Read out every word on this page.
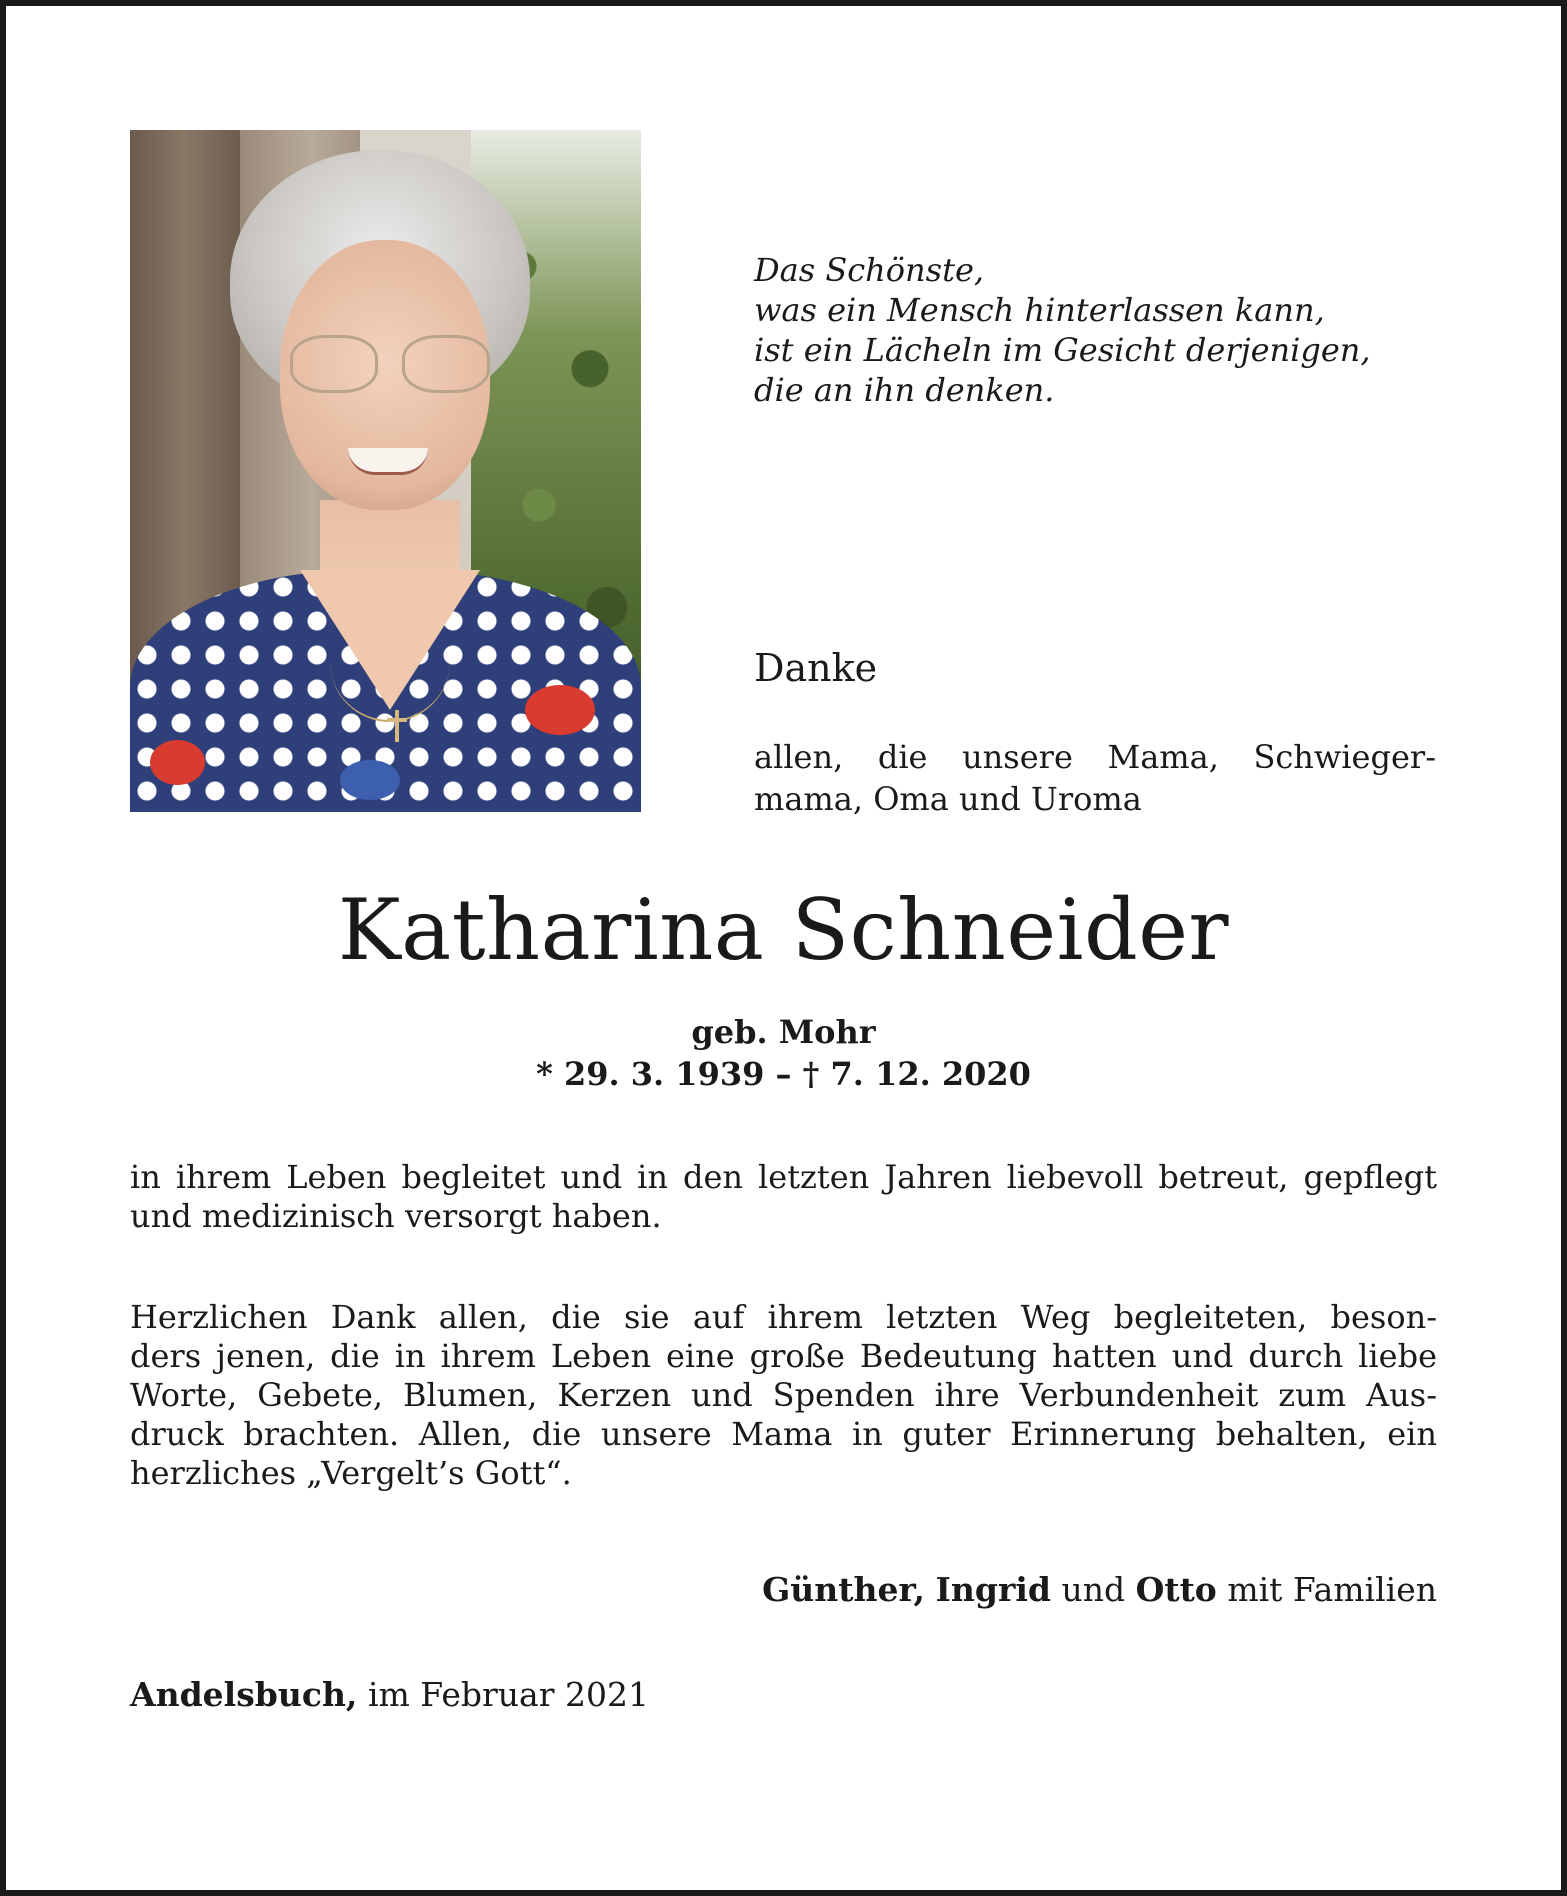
Das Schönste,
was ein Mensch hinterlassen kann,
ist ein Lächeln im Gesicht derjenigen,
die an ihn denken.
Danke
allen, die unsere Mama, Schwieger-
mama, Oma und Uroma
Katharina Schneider
geb. Mohr
* 29. 3. 1939 – † 7. 12. 2020
in ihrem Leben begleitet und in den letzten Jahren liebevoll betreut, gepflegt
und medizinisch versorgt haben.
Herzlichen Dank allen, die sie auf ihrem letzten Weg begleiteten, beson-
ders jenen, die in ihrem Leben eine große Bedeutung hatten und durch liebe
Worte, Gebete, Blumen, Kerzen und Spenden ihre Verbundenheit zum Aus-
druck brachten. Allen, die unsere Mama in guter Erinnerung behalten, ein
herzliches „Vergelt’s Gott“.
Günther, Ingrid und Otto mit Familien
Andelsbuch, im Februar 2021
